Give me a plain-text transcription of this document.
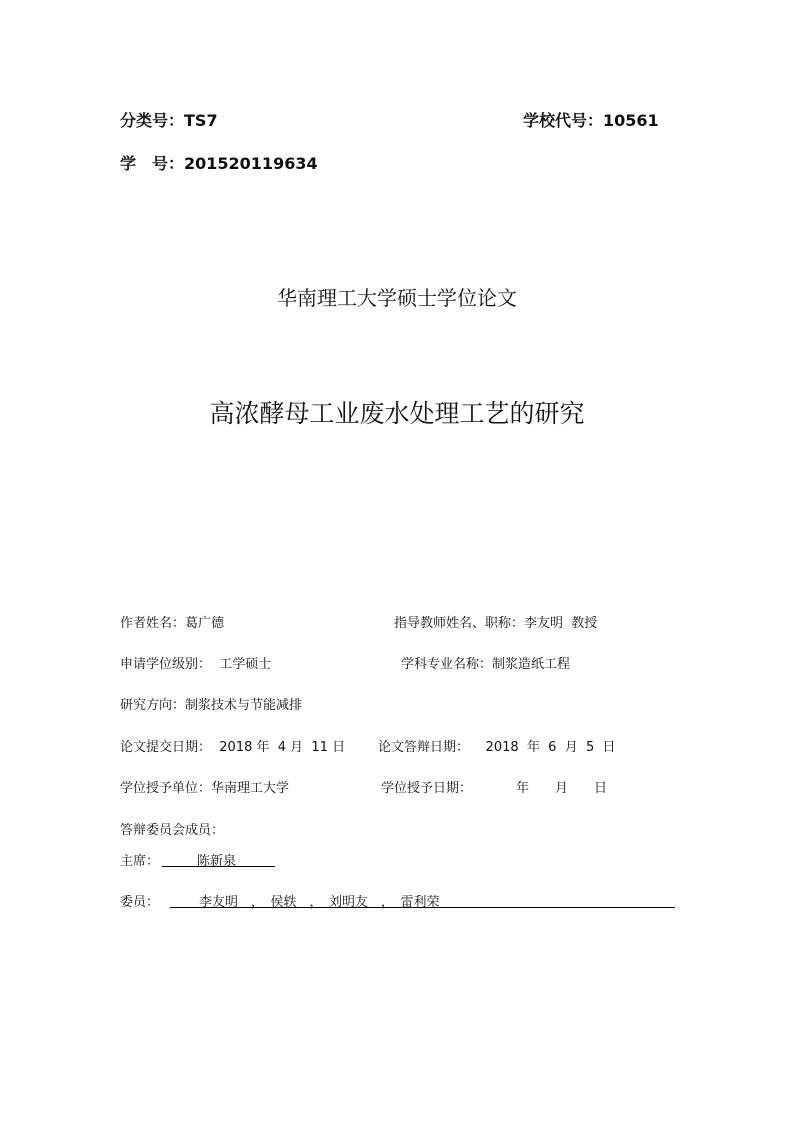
分类号：TS7	学校代号：10561
学　号：201520119634
华南理工大学硕士学位论文
高浓酵母工业废水处理工艺的研究
作者姓名：葛广德	指导教师姓名、职称：李友明 教授
申请学位级别： 工学硕士	学科专业名称：制浆造纸工程
研究方向：制浆技术与节能减排
论文提交日期： 2018 年  4 月  11 日	论文答辩日期： 2018  年  6  月  5  日
学位授予单位：华南理工大学	学位授予日期：	年　　月　　日
答辩委员会成员：
主席：	陈新泉
委员：	李友明　，　侯轶　，　刘明友　，　雷利荣
